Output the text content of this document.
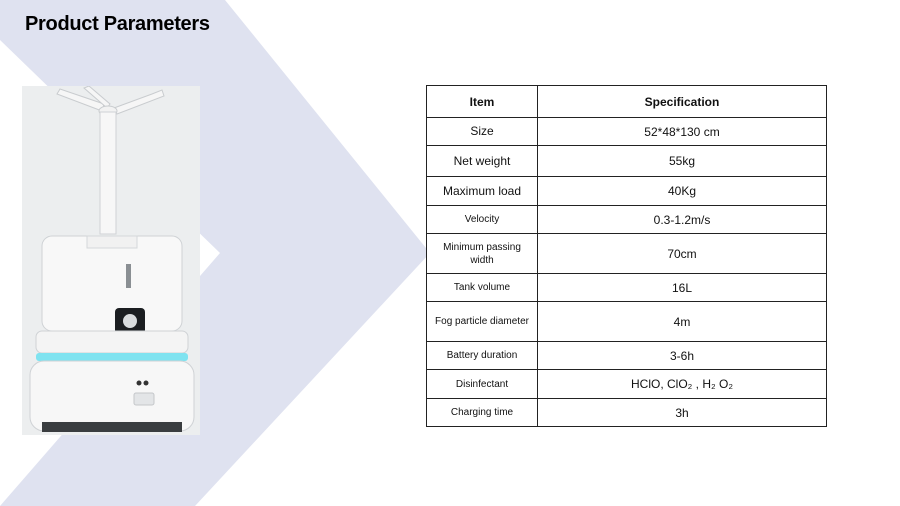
Product Parameters
Item	Specification
Size	52*48*130 cm
Net weight	55kg
Maximum load	40Kg
Velocity	0.3-1.2m/s
Minimum passing width	70cm
Tank volume	16L
Fog particle diameter	4m
Battery duration	3-6h
Disinfectant	HClO, ClO₂ , H₂ O₂
Charging time	3h
